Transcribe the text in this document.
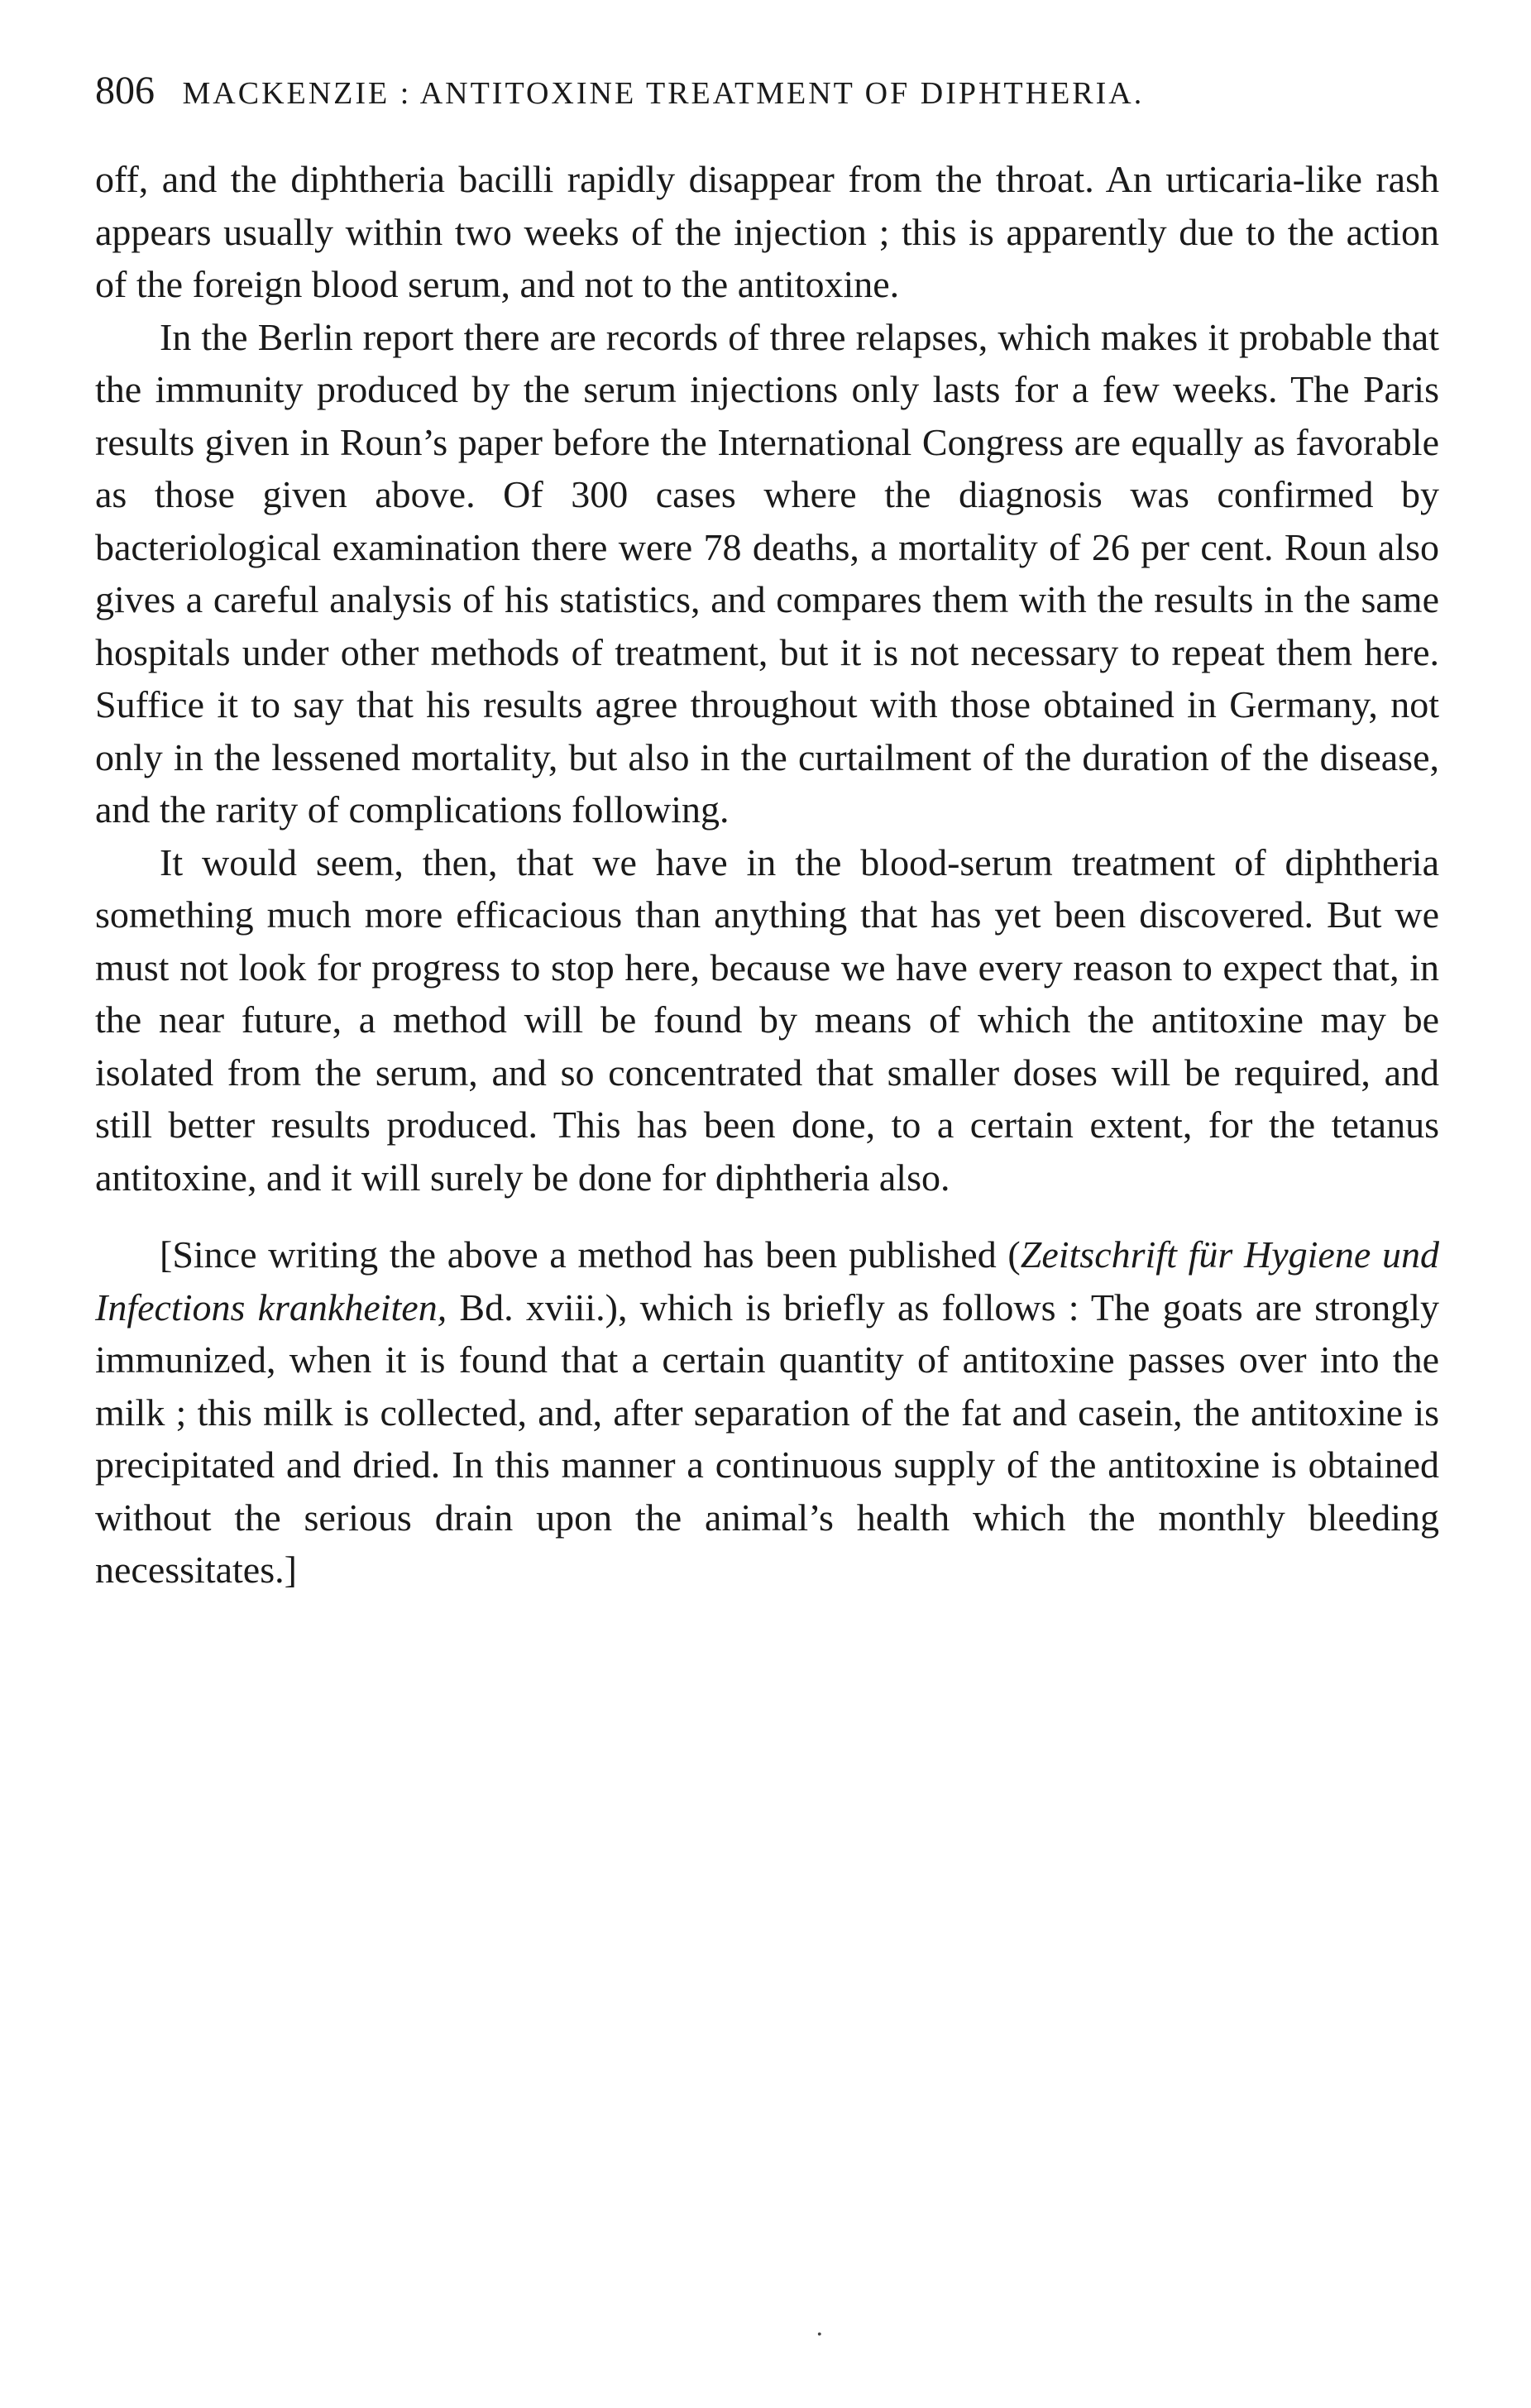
806 MACKENZIE : ANTITOXINE TREATMENT OF DIPHTHERIA.

off, and the diphtheria bacilli rapidly disappear from the throat. An urticaria-like rash appears usually within two weeks of the injection ; this is apparently due to the action of the foreign blood serum, and not to the antitoxine.

In the Berlin report there are records of three relapses, which makes it probable that the immunity produced by the serum injections only lasts for a few weeks. The Paris results given in Roun’s paper before the International Congress are equally as favorable as those given above. Of 300 cases where the diagnosis was confirmed by bacteriological examination there were 78 deaths, a mortality of 26 per cent. Roun also gives a careful analysis of his statistics, and compares them with the results in the same hospitals under other methods of treatment, but it is not necessary to repeat them here. Suffice it to say that his results agree throughout with those obtained in Germany, not only in the lessened mortality, but also in the curtailment of the duration of the disease, and the rarity of complications following.

It would seem, then, that we have in the blood-serum treatment of diphtheria something much more efficacious than anything that has yet been discovered. But we must not look for progress to stop here, because we have every reason to expect that, in the near future, a method will be found by means of which the antitoxine may be isolated from the serum, and so concentrated that smaller doses will be required, and still better results produced. This has been done, to a certain extent, for the tetanus antitoxine, and it will surely be done for diphtheria also.

[Since writing the above a method has been published (Zeitschrift für Hygiene und Infections krankheiten, Bd. xviii.), which is briefly as follows : The goats are strongly immunized, when it is found that a certain quantity of antitoxine passes over into the milk ; this milk is collected, and, after separation of the fat and casein, the antitoxine is precipitated and dried. In this manner a continuous supply of the antitoxine is obtained without the serious drain upon the animal’s health which the monthly bleeding necessitates.]

.
